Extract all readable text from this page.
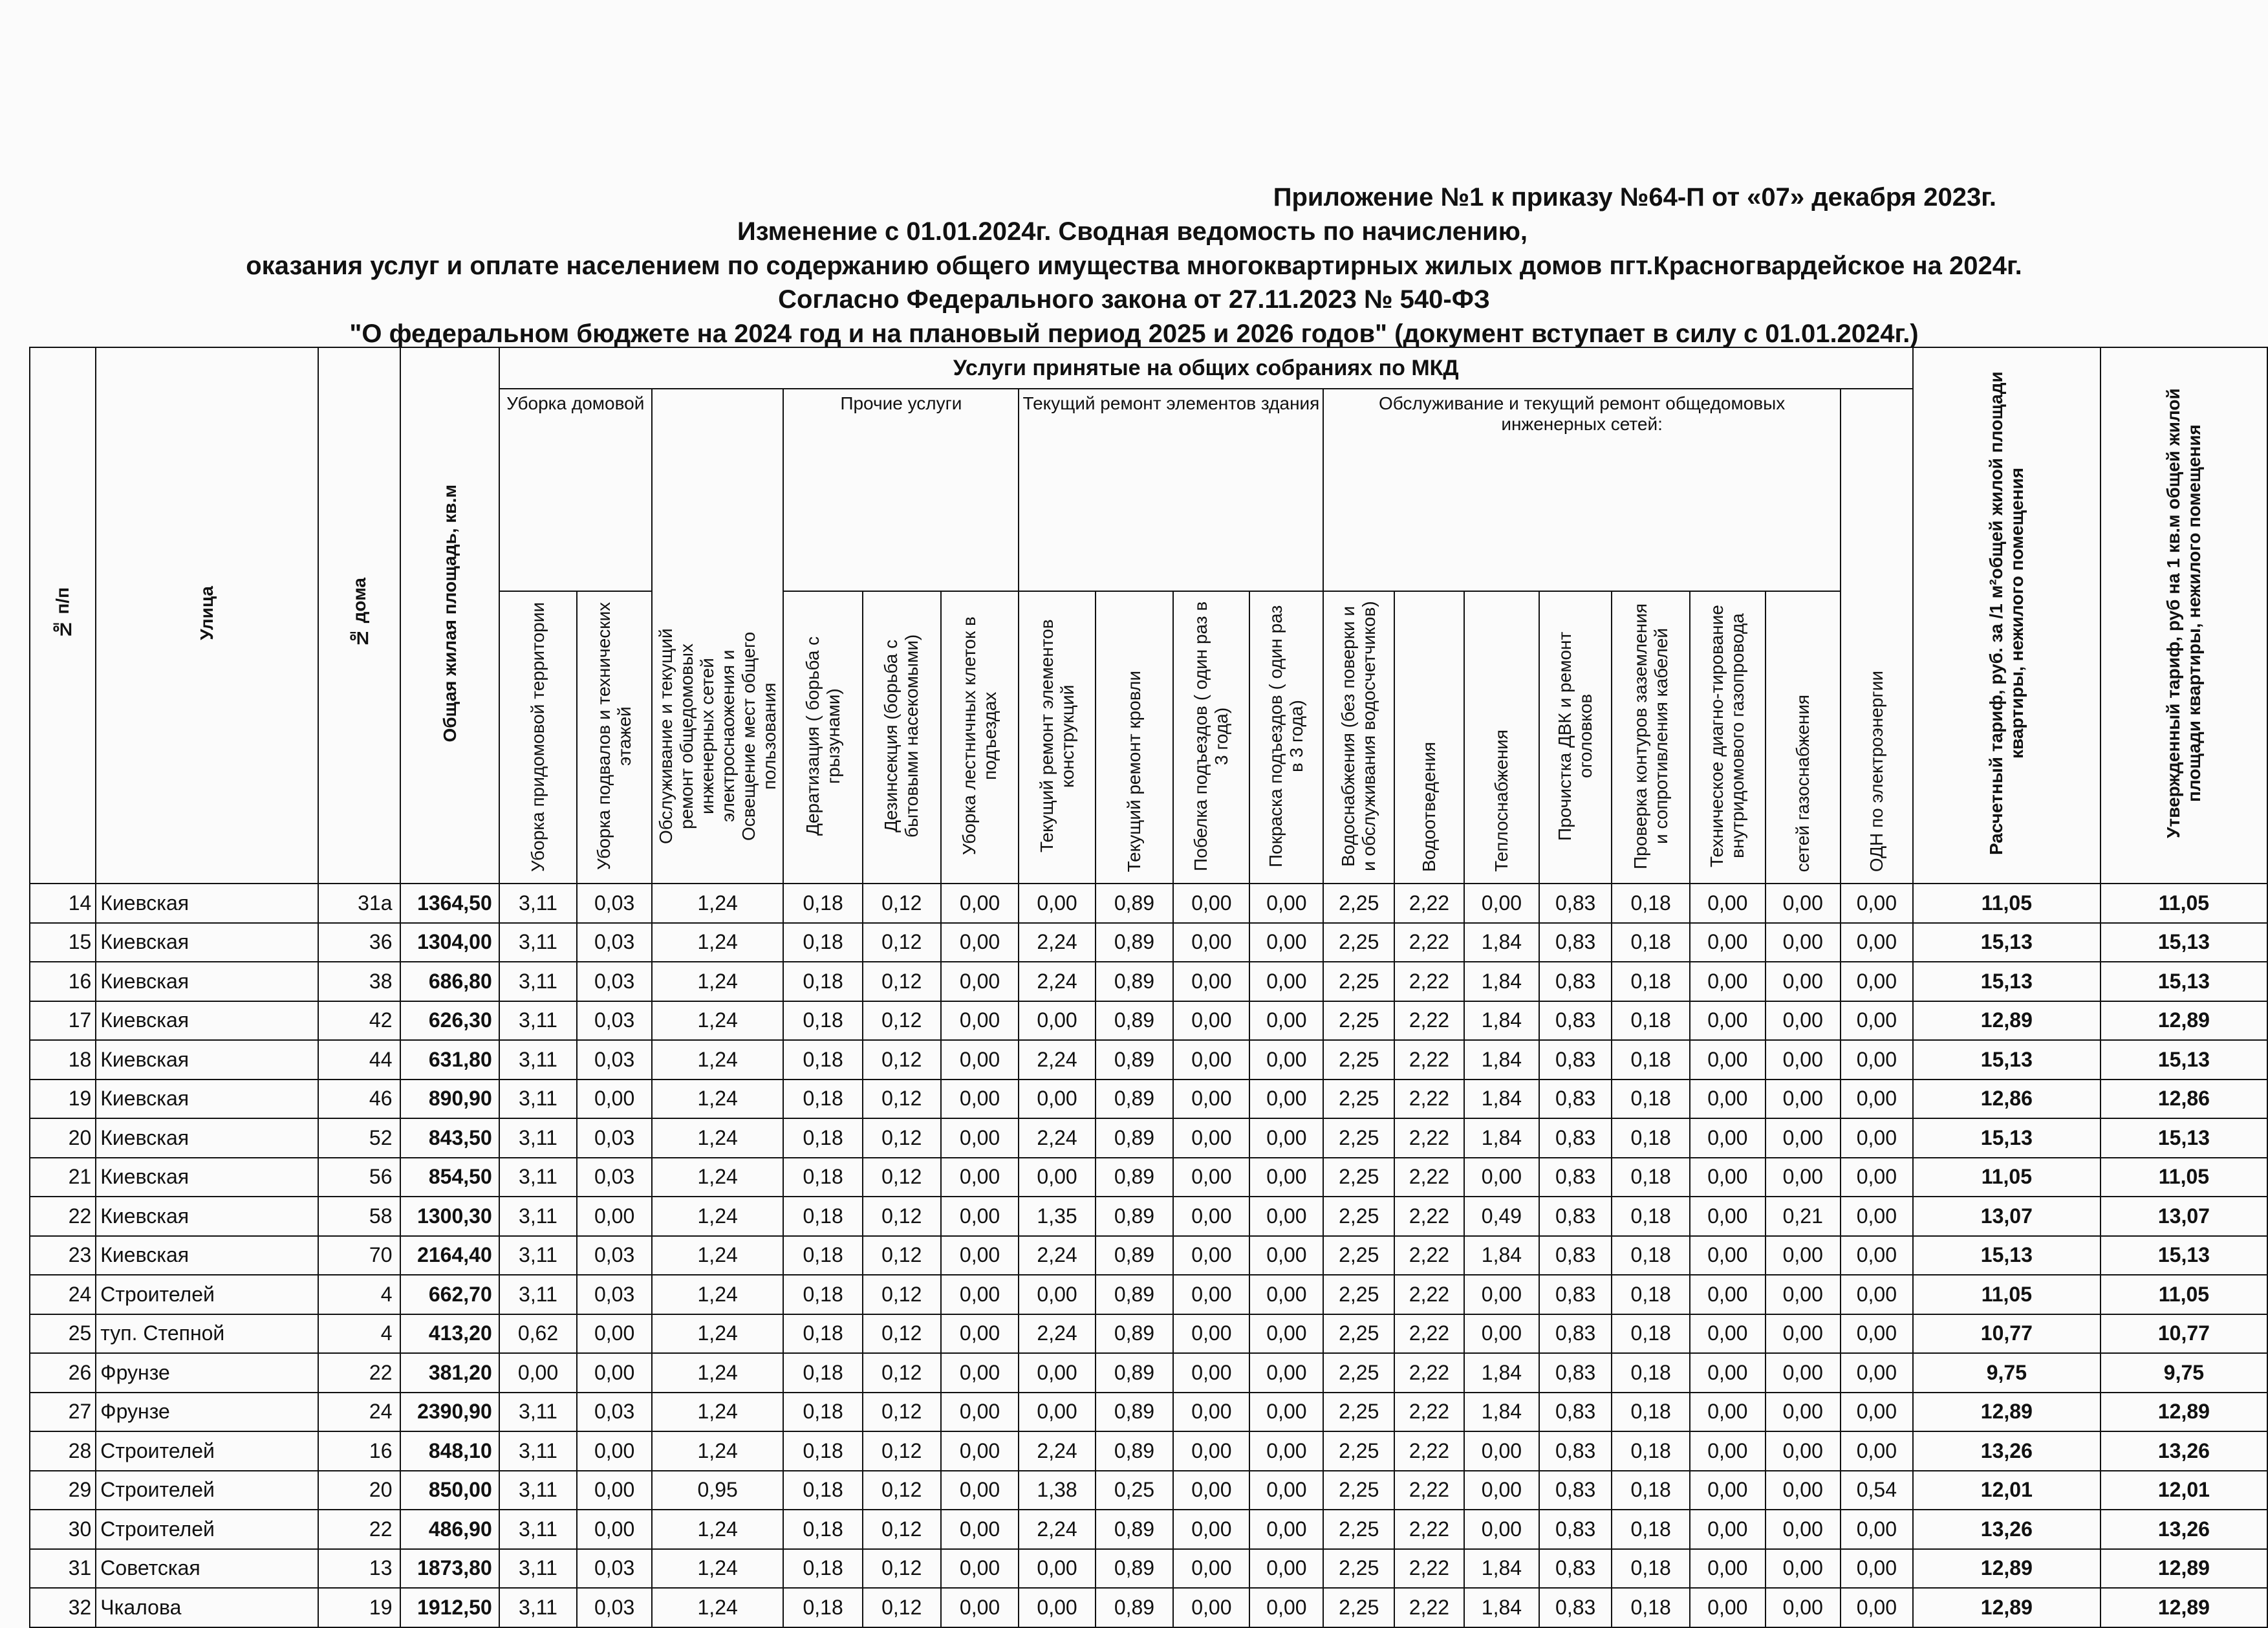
Приложение №1 к приказу №64-П от «07» декабря 2023г.
Изменение с 01.01.2024г. Сводная ведомость по начислению,
оказания услуг и оплате населением по содержанию общего имущества многоквартирных жилых домов пгт.Красногвардейское на 2024г.
Согласно Федерального закона от 27.11.2023 № 540-ФЗ
"О федеральном бюджете на 2024 год и на плановый период 2025 и 2026 годов" (документ вступает в силу с 01.01.2024г.)
№ п/п	Улица	№ дома	Общая жилая площадь, кв.м	Услуги принятые на общих собраниях по МКД																		Расчетный тариф, руб. за /1 м²общей жилой площади квартиры, нежилого помещения	Утвержденный тариф, руб на 1 кв.м общей жилой площади квартиры, нежилого помещения
				Уборка домовой		Обслуживание и текущий ремонт общедомовых инженерных сетей электроснаожения и Освещение мест общего пользования	Прочие услуги			Текущий ремонт элементов здания				Обслуживание и текущий ремонт общедомовых инженерных сетей:							ОДН по электроэнергии		
				Уборка придомовой территории	Уборка подвалов и технических этажей		Дератизация ( борьба с грызунами)	Дезинсекция (борьба с бытовыми насекомыми)	Уборка лестничных клеток в подъездах	Текущий ремонт элементов конструкций	Текущий ремонт кровли	Побелка подъездов ( один раз в 3 года)	Покраска подъездов ( один раз в 3 года)	Водоснабжения (без поверки и и обслуживания водосчетчиков)	Водоотведения	Теплоснабжения	Прочистка ДВК и ремонт оголовков	Проверка контуров заземления и сопротивления кабелей	Техническое диагно-тирование внутридомового газопровода	сетей газоснабжения			
14	Киевская	31а	1364,50	3,11	0,03	1,24	0,18	0,12	0,00	0,00	0,89	0,00	0,00	2,25	2,22	0,00	0,83	0,18	0,00	0,00	0,00	11,05	11,05
15	Киевская	36	1304,00	3,11	0,03	1,24	0,18	0,12	0,00	2,24	0,89	0,00	0,00	2,25	2,22	1,84	0,83	0,18	0,00	0,00	0,00	15,13	15,13
16	Киевская	38	686,80	3,11	0,03	1,24	0,18	0,12	0,00	2,24	0,89	0,00	0,00	2,25	2,22	1,84	0,83	0,18	0,00	0,00	0,00	15,13	15,13
17	Киевская	42	626,30	3,11	0,03	1,24	0,18	0,12	0,00	0,00	0,89	0,00	0,00	2,25	2,22	1,84	0,83	0,18	0,00	0,00	0,00	12,89	12,89
18	Киевская	44	631,80	3,11	0,03	1,24	0,18	0,12	0,00	2,24	0,89	0,00	0,00	2,25	2,22	1,84	0,83	0,18	0,00	0,00	0,00	15,13	15,13
19	Киевская	46	890,90	3,11	0,00	1,24	0,18	0,12	0,00	0,00	0,89	0,00	0,00	2,25	2,22	1,84	0,83	0,18	0,00	0,00	0,00	12,86	12,86
20	Киевская	52	843,50	3,11	0,03	1,24	0,18	0,12	0,00	2,24	0,89	0,00	0,00	2,25	2,22	1,84	0,83	0,18	0,00	0,00	0,00	15,13	15,13
21	Киевская	56	854,50	3,11	0,03	1,24	0,18	0,12	0,00	0,00	0,89	0,00	0,00	2,25	2,22	0,00	0,83	0,18	0,00	0,00	0,00	11,05	11,05
22	Киевская	58	1300,30	3,11	0,00	1,24	0,18	0,12	0,00	1,35	0,89	0,00	0,00	2,25	2,22	0,49	0,83	0,18	0,00	0,21	0,00	13,07	13,07
23	Киевская	70	2164,40	3,11	0,03	1,24	0,18	0,12	0,00	2,24	0,89	0,00	0,00	2,25	2,22	1,84	0,83	0,18	0,00	0,00	0,00	15,13	15,13
24	Строителей	4	662,70	3,11	0,03	1,24	0,18	0,12	0,00	0,00	0,89	0,00	0,00	2,25	2,22	0,00	0,83	0,18	0,00	0,00	0,00	11,05	11,05
25	туп. Степной	4	413,20	0,62	0,00	1,24	0,18	0,12	0,00	2,24	0,89	0,00	0,00	2,25	2,22	0,00	0,83	0,18	0,00	0,00	0,00	10,77	10,77
26	Фрунзе	22	381,20	0,00	0,00	1,24	0,18	0,12	0,00	0,00	0,89	0,00	0,00	2,25	2,22	1,84	0,83	0,18	0,00	0,00	0,00	9,75	9,75
27	Фрунзе	24	2390,90	3,11	0,03	1,24	0,18	0,12	0,00	0,00	0,89	0,00	0,00	2,25	2,22	1,84	0,83	0,18	0,00	0,00	0,00	12,89	12,89
28	Строителей	16	848,10	3,11	0,00	1,24	0,18	0,12	0,00	2,24	0,89	0,00	0,00	2,25	2,22	0,00	0,83	0,18	0,00	0,00	0,00	13,26	13,26
29	Строителей	20	850,00	3,11	0,00	0,95	0,18	0,12	0,00	1,38	0,25	0,00	0,00	2,25	2,22	0,00	0,83	0,18	0,00	0,00	0,54	12,01	12,01
30	Строителей	22	486,90	3,11	0,00	1,24	0,18	0,12	0,00	2,24	0,89	0,00	0,00	2,25	2,22	0,00	0,83	0,18	0,00	0,00	0,00	13,26	13,26
31	Советская	13	1873,80	3,11	0,03	1,24	0,18	0,12	0,00	0,00	0,89	0,00	0,00	2,25	2,22	1,84	0,83	0,18	0,00	0,00	0,00	12,89	12,89
32	Чкалова	19	1912,50	3,11	0,03	1,24	0,18	0,12	0,00	0,00	0,89	0,00	0,00	2,25	2,22	1,84	0,83	0,18	0,00	0,00	0,00	12,89	12,89
